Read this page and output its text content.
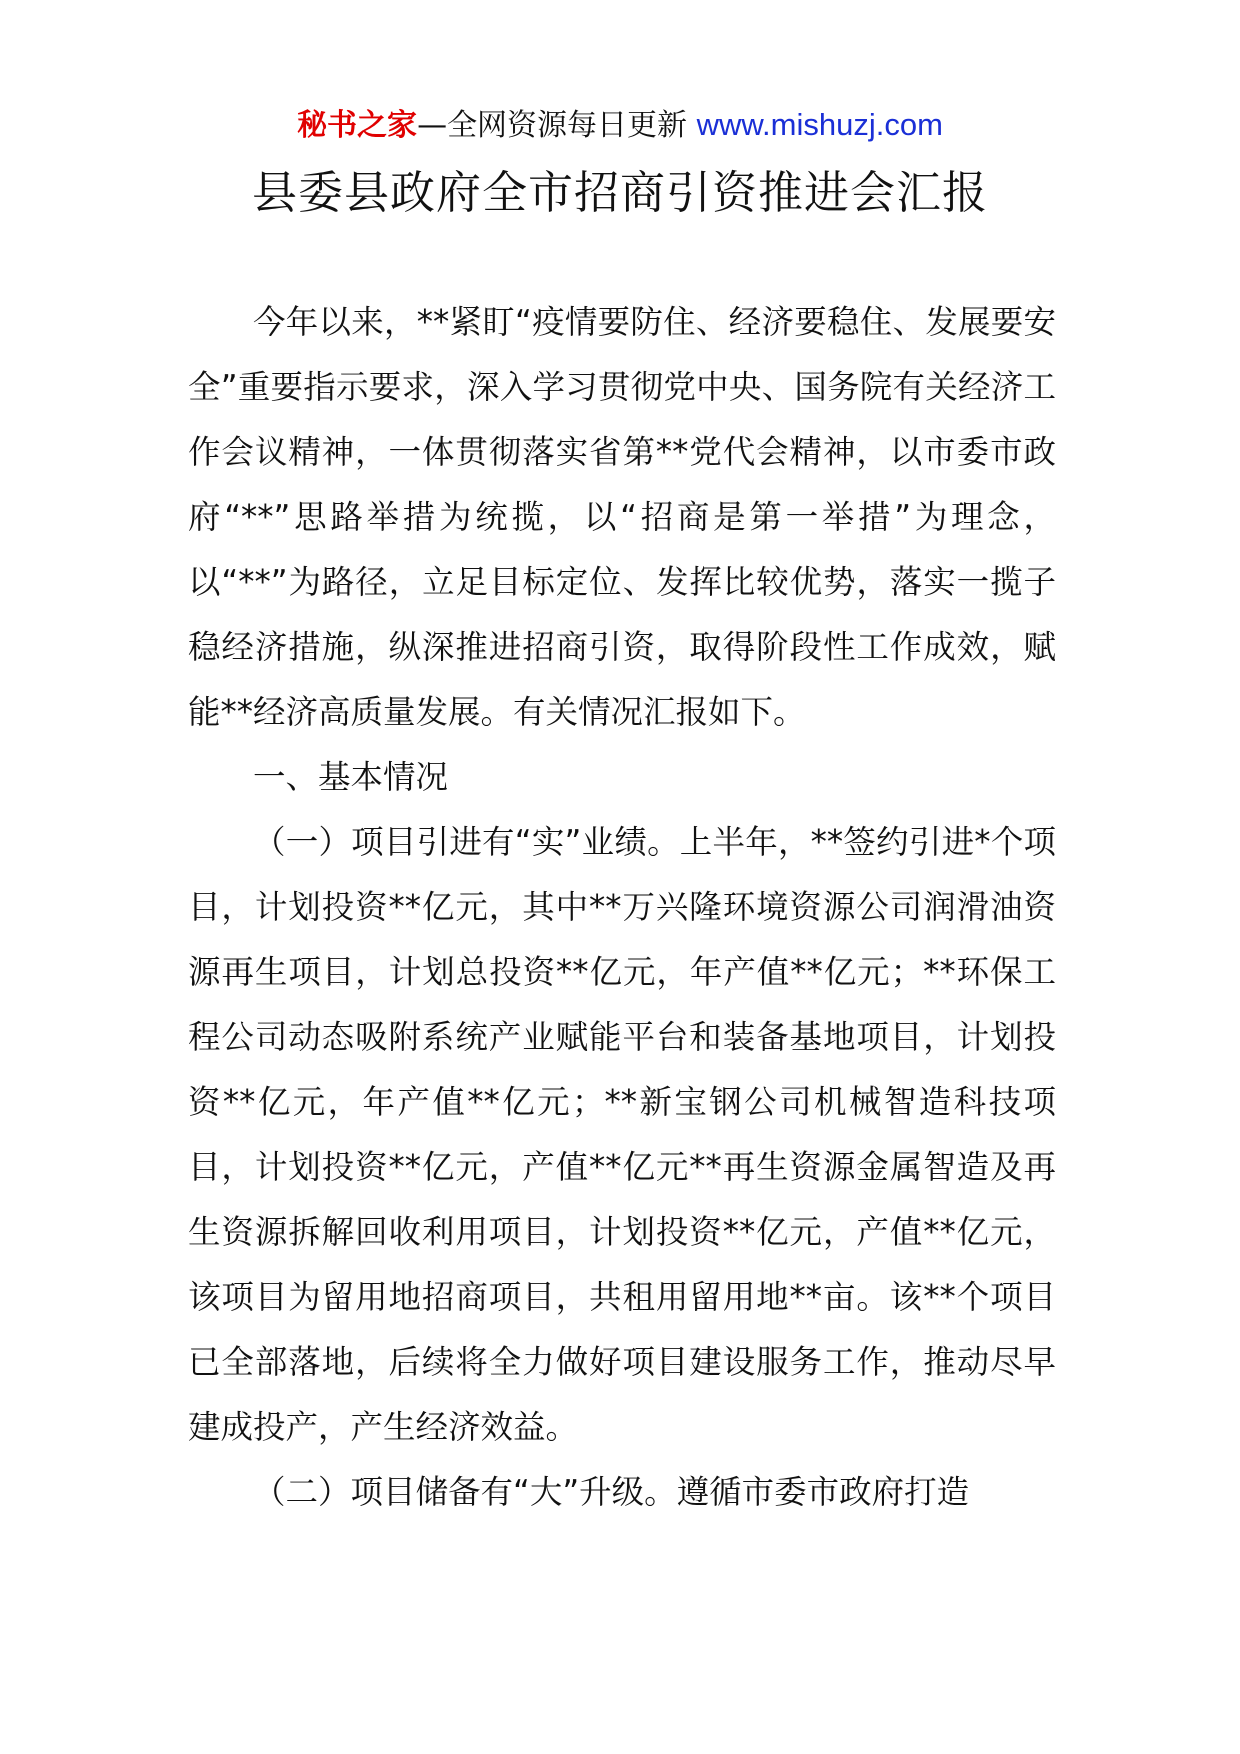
秘书之家—全网资源每日更新 www.mishuzj.com
县委县政府全市招商引资推进会汇报

今年以来，**紧盯“疫情要防住、经济要稳住、发展要安全”重要指示要求，深入学习贯彻党中央、国务院有关经济工作会议精神，一体贯彻落实省第**党代会精神，以市委市政府“**”思路举措为统揽，以“招商是第一举措”为理念，以“**”为路径，立足目标定位、发挥比较优势，落实一揽子稳经济措施，纵深推进招商引资，取得阶段性工作成效，赋能**经济高质量发展。有关情况汇报如下。

一、基本情况

（一）项目引进有“实”业绩。上半年，**签约引进*个项目，计划投资**亿元，其中**万兴隆环境资源公司润滑油资源再生项目，计划总投资**亿元，年产值**亿元；**环保工程公司动态吸附系统产业赋能平台和装备基地项目，计划投资**亿元，年产值**亿元；**新宝钢公司机械智造科技项目，计划投资**亿元，产值**亿元**再生资源金属智造及再生资源拆解回收利用项目，计划投资**亿元，产值**亿元，该项目为留用地招商项目，共租用留用地**亩。该**个项目已全部落地，后续将全力做好项目建设服务工作，推动尽早建成投产，产生经济效益。

（二）项目储备有“大”升级。遵循市委市政府打造
